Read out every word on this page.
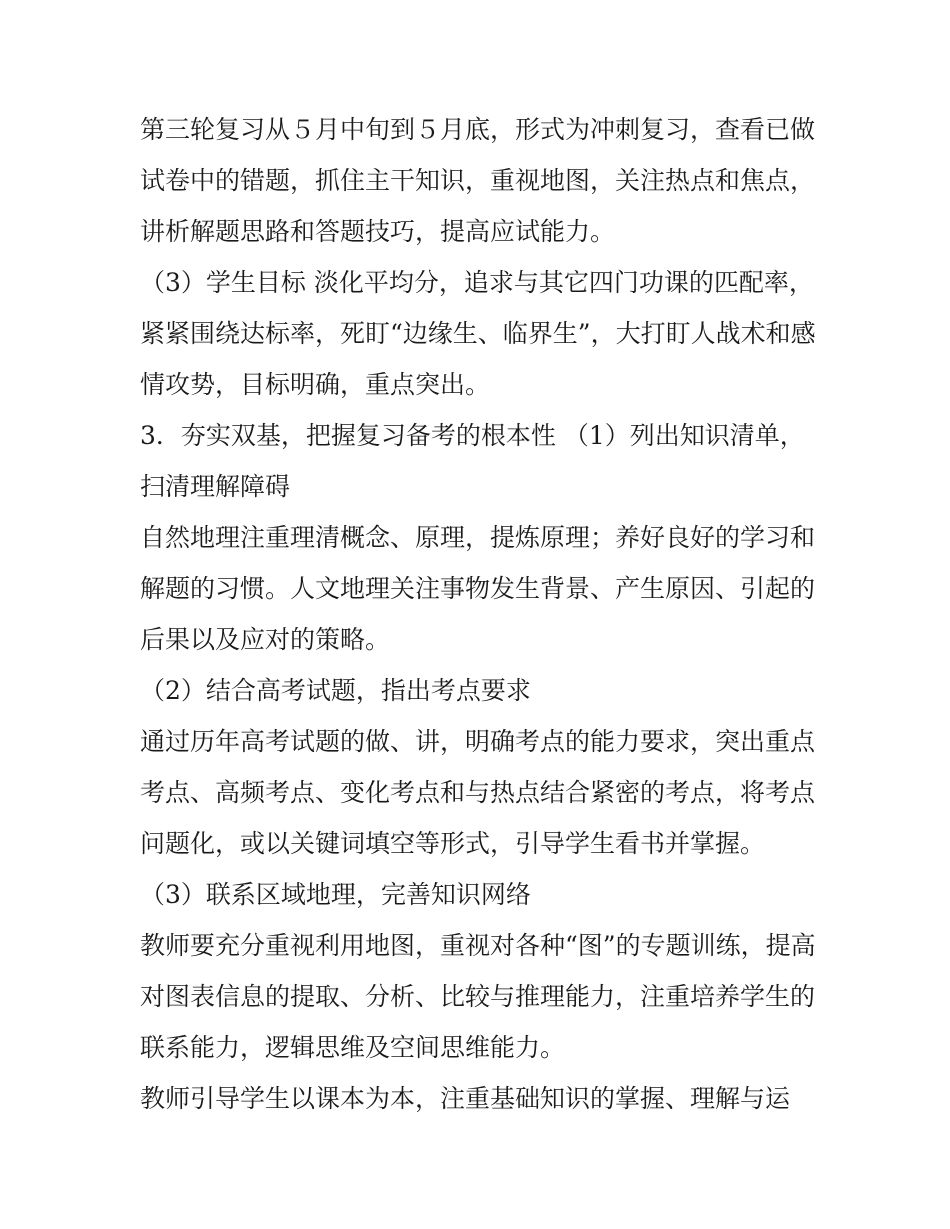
第三轮复习从５月中旬到５月底，形式为冲刺复习，查看已做
试卷中的错题，抓住主干知识，重视地图，关注热点和焦点，
讲析解题思路和答题技巧，提高应试能力。

（3）学生目标 淡化平均分，追求与其它四门功课的匹配率，
紧紧围绕达标率，死盯“边缘生、临界生”，大打盯人战术和感
情攻势，目标明确，重点突出。

3．夯实双基，把握复习备考的根本性 （1）列出知识清单，
扫清理解障碍

自然地理注重理清概念、原理，提炼原理；养好良好的学习和
解题的习惯。人文地理关注事物发生背景、产生原因、引起的
后果以及应对的策略。

（2）结合高考试题，指出考点要求

通过历年高考试题的做、讲，明确考点的能力要求，突出重点
考点、高频考点、变化考点和与热点结合紧密的考点，将考点
问题化，或以关键词填空等形式，引导学生看书并掌握。

（3）联系区域地理，完善知识网络

教师要充分重视利用地图，重视对各种“图”的专题训练，提高
对图表信息的提取、分析、比较与推理能力，注重培养学生的
联系能力，逻辑思维及空间思维能力。

教师引导学生以课本为本，注重基础知识的掌握、理解与运
